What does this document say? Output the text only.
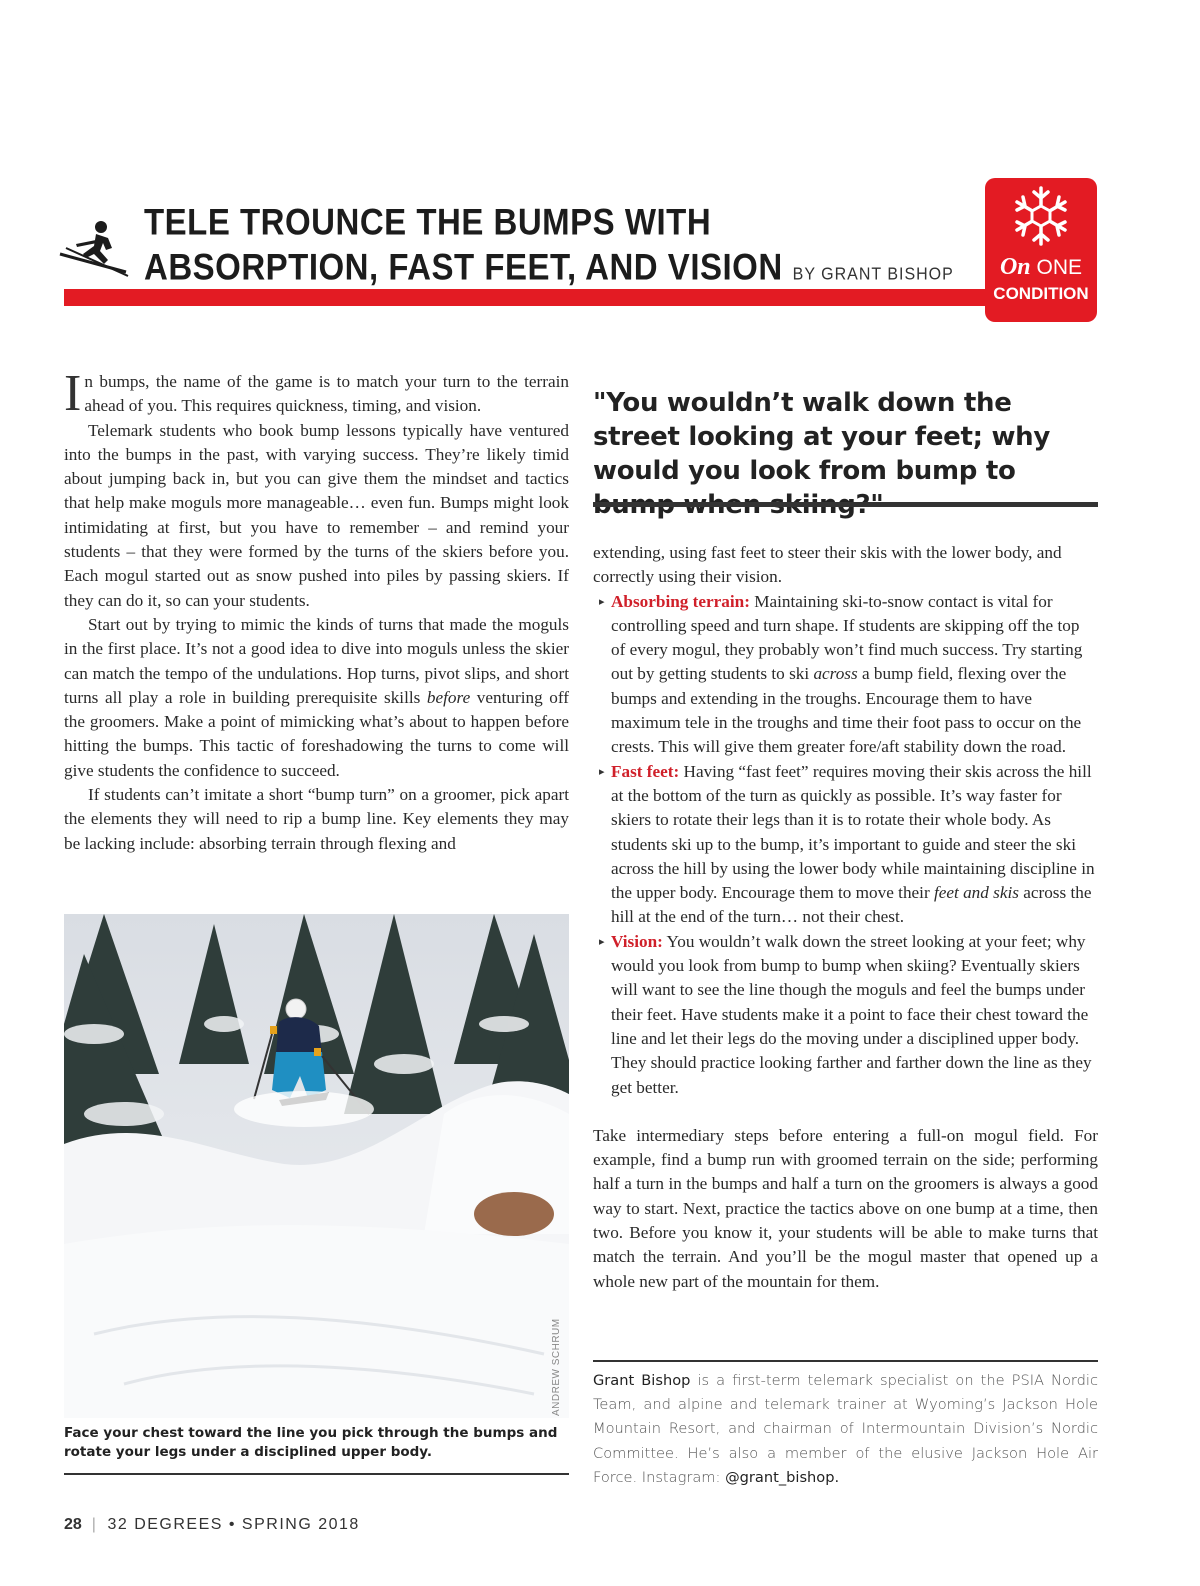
TELE TROUNCE THE BUMPS WITH
ABSORPTION, FAST FEET, AND VISION BY GRANT BISHOP On ONE
CONDITION

In bumps, the name of the game is to match your turn to the terrain ahead of you. This requires quickness, timing, and vision.

Telemark students who book bump lessons typically have ventured into the bumps in the past, with varying success. They’re likely timid about jumping back in, but you can give them the mindset and tactics that help make moguls more manageable… even fun. Bumps might look intimidating at first, but you have to remember – and remind your students – that they were formed by the turns of the skiers before you. Each mogul started out as snow pushed into piles by passing skiers. If they can do it, so can your students.

Start out by trying to mimic the kinds of turns that made the moguls in the first place. It’s not a good idea to dive into moguls unless the skier can match the tempo of the undulations. Hop turns, pivot slips, and short turns all play a role in building prerequisite skills before venturing off the groomers. Make a point of mimicking what’s about to happen before hitting the bumps. This tactic of foreshadowing the turns to come will give students the confidence to succeed.

If students can’t imitate a short “bump turn” on a groomer, pick apart the elements they will need to rip a bump line. Key elements they may be lacking include: absorbing terrain through flexing and

"You wouldn’t walk down the street looking at your feet; why would you look from bump to

extending, using fast feet to steer their skis with the lower body, and correctly using their vision.

▸ Absorbing terrain: Maintaining ski-to-snow contact is vital for controlling speed and turn shape. If students are skipping off the top of every mogul, they probably won’t find much success. Try starting out by getting students to ski across a bump field, flexing over the bumps and extending in the troughs. Encourage them to have maximum tele in the troughs and time their foot pass to occur on the crests. This will give them greater fore/aft stability down the road.

▸ Fast feet: Having “fast feet” requires moving their skis across the hill at the bottom of the turn as quickly as possible. It’s way faster for skiers to rotate their legs than it is to rotate their whole body. As students ski up to the bump, it’s important to guide and steer the ski across the hill by using the lower body while maintaining discipline in the upper body. Encourage them to move their feet and skis across the hill at the end of the turn… not their chest.

▸ Vision: You wouldn’t walk down the street looking at your feet; why would you look from bump to bump when skiing? Eventually skiers will want to see the line though the moguls and feel the bumps under their feet. Have students make it a point to face their chest toward the line and let their legs do the moving under a disciplined upper body. They should practice looking farther and farther down the line as they get better.

Take intermediary steps before entering a full-on mogul field. For example, find a bump run with groomed terrain on the side; performing half a turn in the bumps and half a turn on the groomers is always a good way to start. Next, practice the tactics above on one bump at a time, then two. Before you know it, your students will be able to make turns that match the terrain. And you’ll be the mogul master that opened up a whole new part of the mountain for them.

ANDREW SCHRUM
Face your chest toward the line you pick through the bumps and rotate your legs under a disciplined upper body.
Grant Bishop is a first-term telemark specialist on the PSIA Nordic Team, and alpine and telemark trainer at Wyoming’s Jackson Hole Mountain Resort, and chairman of Intermountain Division’s Nordic Committee. He’s also a member of the elusive Jackson Hole Air Force. Instagram: @grant_bishop.
28 | 32 DEGREES • SPRING 2018
